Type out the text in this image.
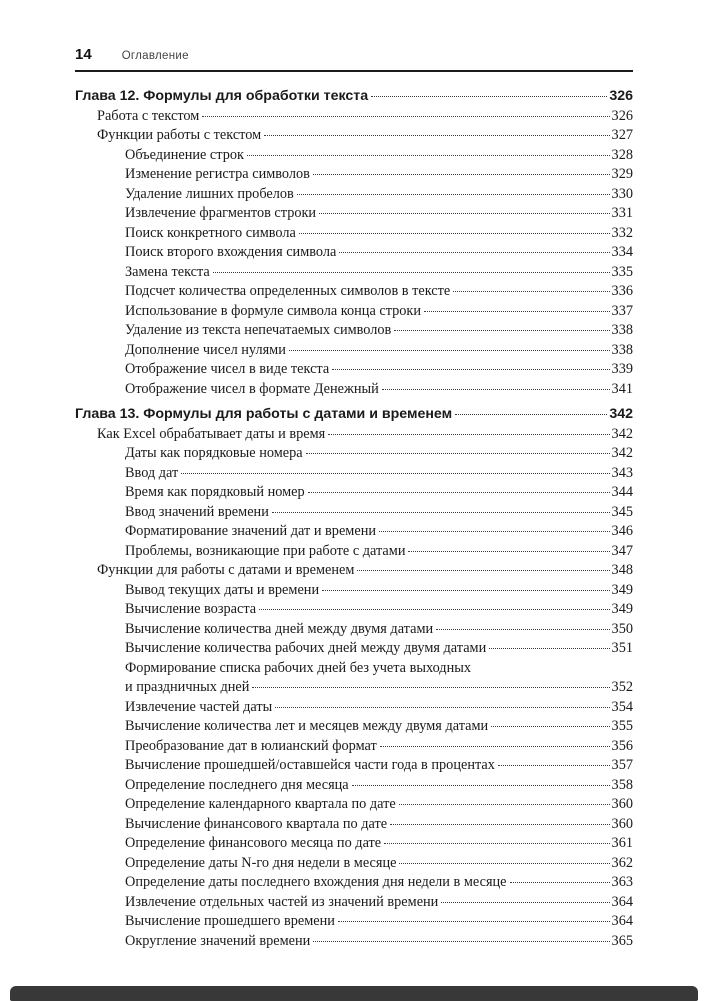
14	Оглавление
Глава 12. Формулы для обработки текста	326
Работа с текстом	326
Функции работы с текстом	327
Объединение строк	328
Изменение регистра символов	329
Удаление лишних пробелов	330
Извлечение фрагментов строки	331
Поиск конкретного символа	332
Поиск второго вхождения символа	334
Замена текста	335
Подсчет количества определенных символов в тексте	336
Использование в формуле символа конца строки	337
Удаление из текста непечатаемых символов	338
Дополнение чисел нулями	338
Отображение чисел в виде текста	339
Отображение чисел в формате Денежный	341
Глава 13. Формулы для работы с датами и временем	342
Как Excel обрабатывает даты и время	342
Даты как порядковые номера	342
Ввод дат	343
Время как порядковый номер	344
Ввод значений времени	345
Форматирование значений дат и времени	346
Проблемы, возникающие при работе с датами	347
Функции для работы с датами и временем	348
Вывод текущих даты и времени	349
Вычисление возраста	349
Вычисление количества дней между двумя датами	350
Вычисление количества рабочих дней между двумя датами	351
Формирование списка рабочих дней без учета выходных
и праздничных дней	352
Извлечение частей даты	354
Вычисление количества лет и месяцев между двумя датами	355
Преобразование дат в юлианский формат	356
Вычисление прошедшей/оставшейся части года в процентах	357
Определение последнего дня месяца	358
Определение календарного квартала по дате	360
Вычисление финансового квартала по дате	360
Определение финансового месяца по дате	361
Определение даты N-го дня недели в месяце	362
Определение даты последнего вхождения дня недели в месяце	363
Извлечение отдельных частей из значений времени	364
Вычисление прошедшего времени	364
Округление значений времени	365
